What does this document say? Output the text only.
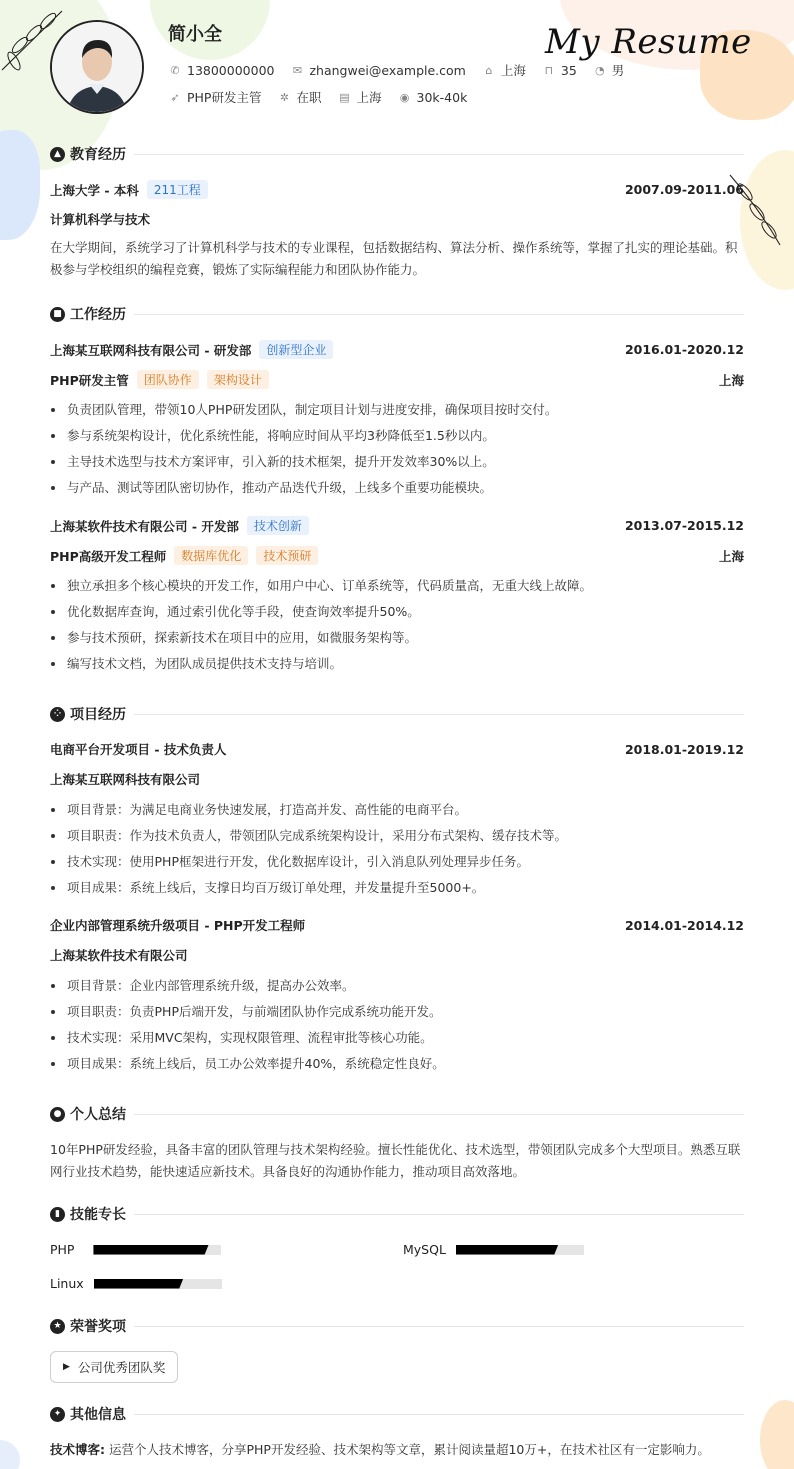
简小全	My Resume
✆ 13800000000 ✉ zhangwei@example.com	⌂ 上海 ⊓ 35 ◔ 男
➶ PHP研发主管 ✲ 在职 ▤ 上海 ◉ 30k-40k
▲ 教育经历
上海大学 - 本科	211工程	2007.09-2011.06
计算机科学与技术
在大学期间，系统学习了计算机科学与技术的专业课程，包括数据结构、算法分析、操作系统等，掌握了扎实的理论基础。积极参与学校组织的编程竞赛，锻炼了实际编程能力和团队协作能力。
■ 工作经历
上海某互联网科技有限公司 - 研发部	创新型企业	2016.01-2020.12
PHP研发主管	团队协作	架构设计	上海
负责团队管理，带领10人PHP研发团队，制定项目计划与进度安排，确保项目按时交付。
参与系统架构设计，优化系统性能，将响应时间从平均3秒降低至1.5秒以内。
主导技术选型与技术方案评审，引入新的技术框架，提升开发效率30%以上。
与产品、测试等团队密切协作，推动产品迭代升级，上线多个重要功能模块。
上海某软件技术有限公司 - 开发部	技术创新	2013.07-2015.12
PHP高级开发工程师	数据库优化	技术预研	上海
独立承担多个核心模块的开发工作，如用户中心、订单系统等，代码质量高，无重大线上故障。
优化数据库查询，通过索引优化等手段，使查询效率提升50%。
参与技术预研，探索新技术在项目中的应用，如微服务架构等。
编写技术文档，为团队成员提供技术支持与培训。
⁘ 项目经历
电商平台开发项目 - 技术负责人	2018.01-2019.12
上海某互联网科技有限公司
项目背景：为满足电商业务快速发展，打造高并发、高性能的电商平台。
项目职责：作为技术负责人，带领团队完成系统架构设计，采用分布式架构、缓存技术等。
技术实现：使用PHP框架进行开发，优化数据库设计，引入消息队列处理异步任务。
项目成果：系统上线后，支撑日均百万级订单处理，并发量提升至5000+。
企业内部管理系统升级项目 - PHP开发工程师	2014.01-2014.12
上海某软件技术有限公司
项目背景：企业内部管理系统升级，提高办公效率。
项目职责：负责PHP后端开发，与前端团队协作完成系统功能开发。
技术实现：采用MVC架构，实现权限管理、流程审批等核心功能。
项目成果：系统上线后，员工办公效率提升40%，系统稳定性良好。
● 个人总结
10年PHP研发经验，具备丰富的团队管理与技术架构经验。擅长性能优化、技术选型，带领团队完成多个大型项目。熟悉互联网行业技术趋势，能快速适应新技术。具备良好的沟通协作能力，推动项目高效落地。
▮ 技能专长
PHP	MySQL
Linux
★ 荣誉奖项
▶ 公司优秀团队奖
✦ 其他信息
技术博客: 运营个人技术博客，分享PHP开发经验、技术架构等文章，累计阅读量超10万+，在技术社区有一定影响力。
